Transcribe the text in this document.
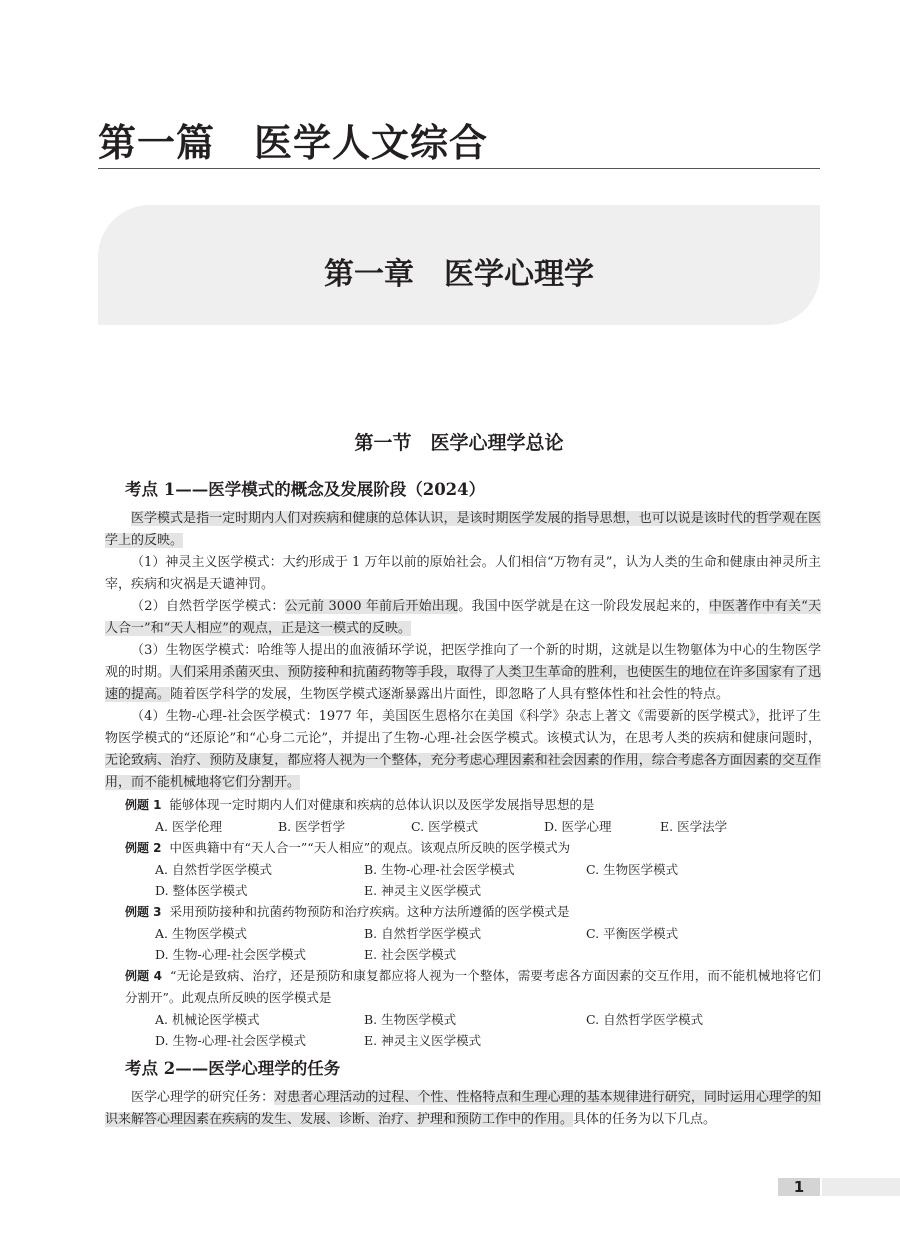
第一篇　医学人文综合
第一章　医学心理学
第一节　医学心理学总论
考点 1——医学模式的概念及发展阶段（2024）

医学模式是指一定时期内人们对疾病和健康的总体认识，是该时期医学发展的指导思想，也可以说是该时代的哲学观在医学上的反映。

（1）神灵主义医学模式：大约形成于 1 万年以前的原始社会。人们相信“万物有灵”，认为人类的生命和健康由神灵所主宰，疾病和灾祸是天谴神罚。

（2）自然哲学医学模式：公元前 3000 年前后开始出现。我国中医学就是在这一阶段发展起来的，中医著作中有关“天人合一”和“天人相应”的观点，正是这一模式的反映。

（3）生物医学模式：哈维等人提出的血液循环学说，把医学推向了一个新的时期，这就是以生物躯体为中心的生物医学观的时期。人们采用杀菌灭虫、预防接种和抗菌药物等手段，取得了人类卫生革命的胜利，也使医生的地位在许多国家有了迅速的提高。随着医学科学的发展，生物医学模式逐渐暴露出片面性，即忽略了人具有整体性和社会性的特点。

（4）生物-心理-社会医学模式：1977 年，美国医生恩格尔在美国《科学》杂志上著文《需要新的医学模式》，批评了生物医学模式的“还原论”和“心身二元论”，并提出了生物-心理-社会医学模式。该模式认为，在思考人类的疾病和健康问题时，无论致病、治疗、预防及康复，都应将人视为一个整体，充分考虑心理因素和社会因素的作用，综合考虑各方面因素的交互作用，而不能机械地将它们分割开。

例题 1 能够体现一定时期内人们对健康和疾病的总体认识以及医学发展指导思想的是

A. 医学伦理	B. 医学哲学	C. 医学模式	D. 医学心理	E. 医学法学

例题 2 中医典籍中有“天人合一”“天人相应”的观点。该观点所反映的医学模式为

A. 自然哲学医学模式	B. 生物-心理-社会医学模式	C. 生物医学模式
D. 整体医学模式	E. 神灵主义医学模式

例题 3 采用预防接种和抗菌药物预防和治疗疾病。这种方法所遵循的医学模式是

A. 生物医学模式	B. 自然哲学医学模式	C. 平衡医学模式
D. 生物-心理-社会医学模式	E. 社会医学模式

例题 4 “无论是致病、治疗，还是预防和康复都应将人视为一个整体，需要考虑各方面因素的交互作用，而不能机械地将它们分割开”。此观点所反映的医学模式是

A. 机械论医学模式	B. 生物医学模式	C. 自然哲学医学模式
D. 生物-心理-社会医学模式	E. 神灵主义医学模式
考点 2——医学心理学的任务

医学心理学的研究任务：对患者心理活动的过程、个性、性格特点和生理心理的基本规律进行研究，同时运用心理学的知识来解答心理因素在疾病的发生、发展、诊断、治疗、护理和预防工作中的作用。具体的任务为以下几点。

1
